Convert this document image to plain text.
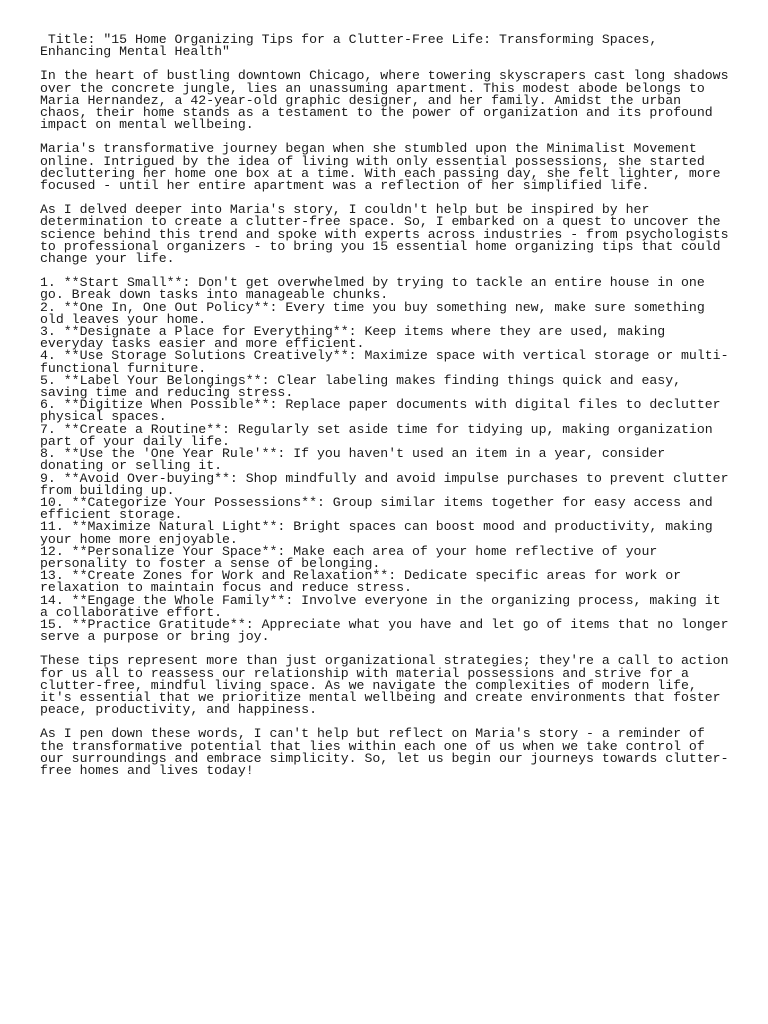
Title: "15 Home Organizing Tips for a Clutter-Free Life: Transforming Spaces, Enhancing Mental Health"

In the heart of bustling downtown Chicago, where towering skyscrapers cast long shadows over the concrete jungle, lies an unassuming apartment. This modest abode belongs to Maria Hernandez, a 42-year-old graphic designer, and her family. Amidst the urban chaos, their home stands as a testament to the power of organization and its profound impact on mental wellbeing.

Maria's transformative journey began when she stumbled upon the Minimalist Movement online. Intrigued by the idea of living with only essential possessions, she started decluttering her home one box at a time. With each passing day, she felt lighter, more focused - until her entire apartment was a reflection of her simplified life.

As I delved deeper into Maria's story, I couldn't help but be inspired by her determination to create a clutter-free space. So, I embarked on a quest to uncover the science behind this trend and spoke with experts across industries - from psychologists to professional organizers - to bring you 15 essential home organizing tips that could change your life.

1. **Start Small**: Don't get overwhelmed by trying to tackle an entire house in one go. Break down tasks into manageable chunks.
2. **One In, One Out Policy**: Every time you buy something new, make sure something old leaves your home.
3. **Designate a Place for Everything**: Keep items where they are used, making everyday tasks easier and more efficient.
4. **Use Storage Solutions Creatively**: Maximize space with vertical storage or multi-functional furniture.
5. **Label Your Belongings**: Clear labeling makes finding things quick and easy, saving time and reducing stress.
6. **Digitize When Possible**: Replace paper documents with digital files to declutter physical spaces.
7. **Create a Routine**: Regularly set aside time for tidying up, making organization part of your daily life.
8. **Use the 'One Year Rule'**: If you haven't used an item in a year, consider donating or selling it.
9. **Avoid Over-buying**: Shop mindfully and avoid impulse purchases to prevent clutter from building up.
10. **Categorize Your Possessions**: Group similar items together for easy access and efficient storage.
11. **Maximize Natural Light**: Bright spaces can boost mood and productivity, making your home more enjoyable.
12. **Personalize Your Space**: Make each area of your home reflective of your personality to foster a sense of belonging.
13. **Create Zones for Work and Relaxation**: Dedicate specific areas for work or relaxation to maintain focus and reduce stress.
14. **Engage the Whole Family**: Involve everyone in the organizing process, making it a collaborative effort.
15. **Practice Gratitude**: Appreciate what you have and let go of items that no longer serve a purpose or bring joy.

These tips represent more than just organizational strategies; they're a call to action for us all to reassess our relationship with material possessions and strive for a clutter-free, mindful living space. As we navigate the complexities of modern life, it's essential that we prioritize mental wellbeing and create environments that foster peace, productivity, and happiness.

As I pen down these words, I can't help but reflect on Maria's story - a reminder of the transformative potential that lies within each one of us when we take control of our surroundings and embrace simplicity. So, let us begin our journeys towards clutter-free homes and lives today!
